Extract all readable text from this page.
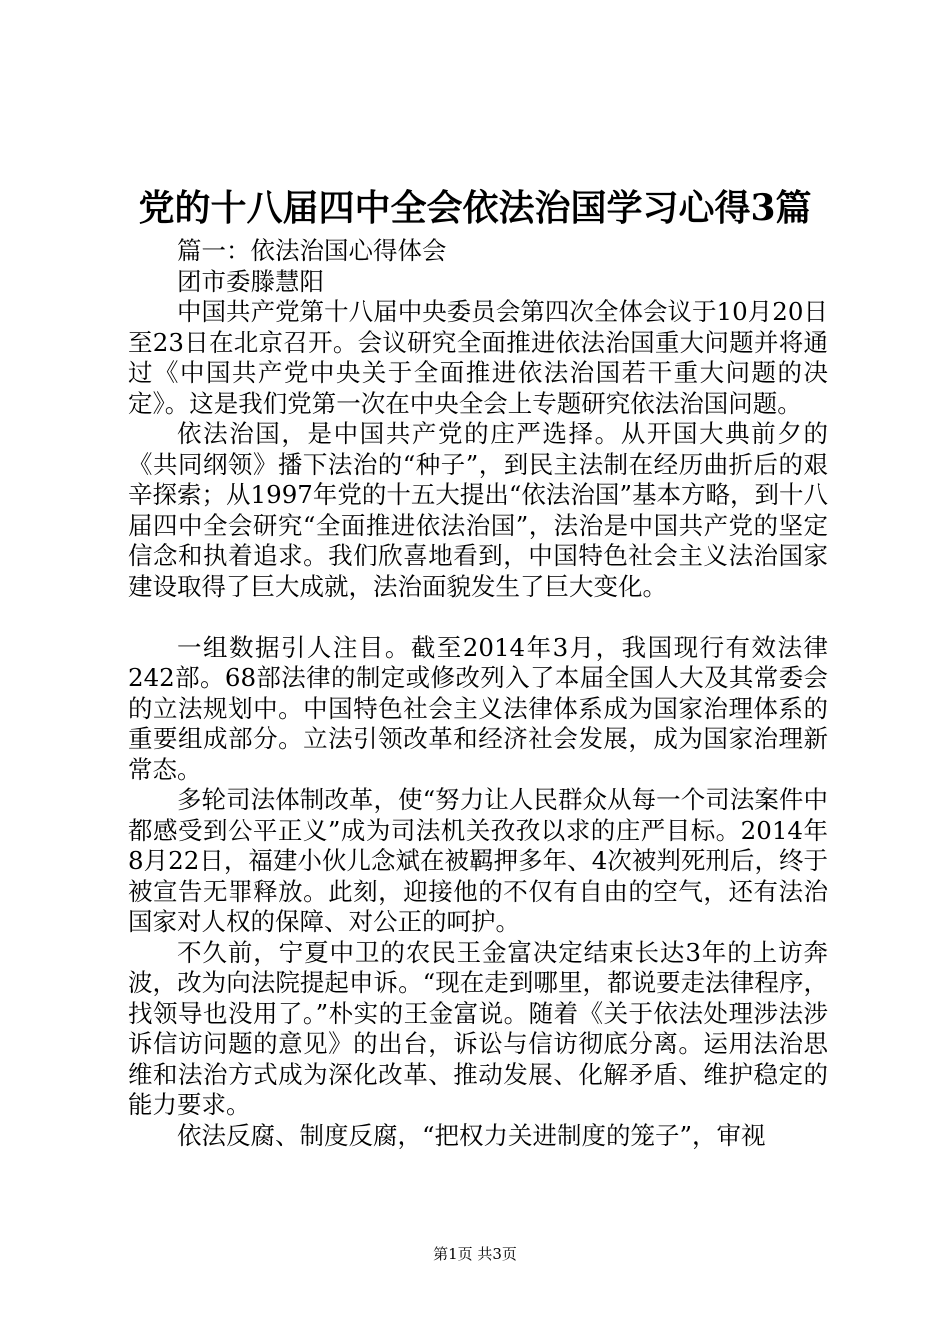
党的十八届四中全会依法治国学习心得3篇

篇一：依法治国心得体会

团市委滕慧阳

中国共产党第十八届中央委员会第四次全体会议于10月20日至23日在北京召开。会议研究全面推进依法治国重大问题并将通过《中国共产党中央关于全面推进依法治国若干重大问题的决定》。这是我们党第一次在中央全会上专题研究依法治国问题。

依法治国，是中国共产党的庄严选择。从开国大典前夕的《共同纲领》播下法治的“种子”，到民主法制在经历曲折后的艰辛探索；从1997年党的十五大提出“依法治国”基本方略，到十八届四中全会研究“全面推进依法治国”，法治是中国共产党的坚定信念和执着追求。我们欣喜地看到，中国特色社会主义法治国家建设取得了巨大成就，法治面貌发生了巨大变化。

一组数据引人注目。截至2014年3月，我国现行有效法律242部。68部法律的制定或修改列入了本届全国人大及其常委会的立法规划中。中国特色社会主义法律体系成为国家治理体系的重要组成部分。立法引领改革和经济社会发展，成为国家治理新常态。

多轮司法体制改革，使“努力让人民群众从每一个司法案件中都感受到公平正义”成为司法机关孜孜以求的庄严目标。2014年8月22日，福建小伙儿念斌在被羁押多年、4次被判死刑后，终于被宣告无罪释放。此刻，迎接他的不仅有自由的空气，还有法治国家对人权的保障、对公正的呵护。

不久前，宁夏中卫的农民王金富决定结束长达3年的上访奔波，改为向法院提起申诉。“现在走到哪里，都说要走法律程序，找领导也没用了。”朴实的王金富说。随着《关于依法处理涉法涉诉信访问题的意见》的出台，诉讼与信访彻底分离。运用法治思维和法治方式成为深化改革、推动发展、化解矛盾、维护稳定的能力要求。

依法反腐、制度反腐，“把权力关进制度的笼子”，审视

第1页 共3页
